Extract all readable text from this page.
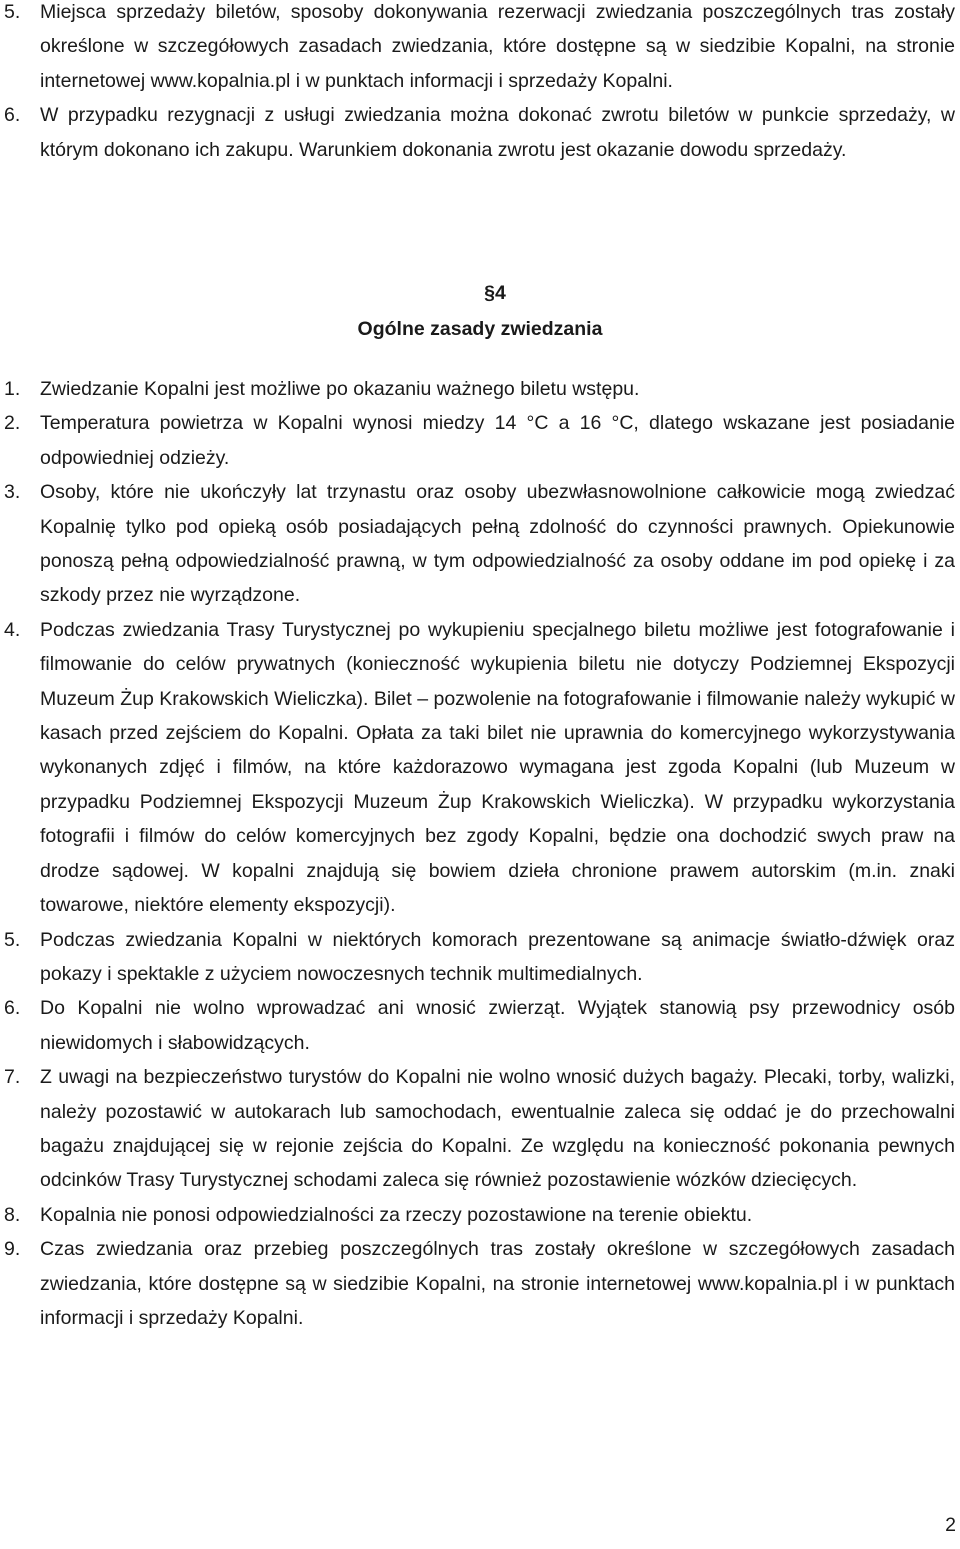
5. Miejsca sprzedaży biletów, sposoby dokonywania rezerwacji zwiedzania poszczególnych tras zostały określone w szczegółowych zasadach zwiedzania, które dostępne są w siedzibie Kopalni, na stronie internetowej www.kopalnia.pl i w punktach informacji i sprzedaży Kopalni.
6. W przypadku rezygnacji z usługi zwiedzania można dokonać zwrotu biletów w punkcie sprzedaży, w którym dokonano ich zakupu. Warunkiem dokonania zwrotu jest okazanie dowodu sprzedaży.
§4
Ogólne zasady zwiedzania
1. Zwiedzanie Kopalni jest możliwe po okazaniu ważnego biletu wstępu.
2. Temperatura powietrza w Kopalni wynosi miedzy 14 °C a 16 °C, dlatego wskazane jest posiadanie odpowiedniej odzieży.
3. Osoby, które nie ukończyły lat trzynastu oraz osoby ubezwłasnowolnione całkowicie mogą zwiedzać Kopalnię tylko pod opieką osób posiadających pełną zdolność do czynności prawnych. Opiekunowie ponoszą pełną odpowiedzialność prawną, w tym odpowiedzialność za osoby oddane im pod opiekę i za szkody przez nie wyrządzone.
4. Podczas zwiedzania Trasy Turystycznej po wykupieniu specjalnego biletu możliwe jest fotografowanie i filmowanie do celów prywatnych (konieczność wykupienia biletu nie dotyczy Podziemnej Ekspozycji Muzeum Żup Krakowskich Wieliczka). Bilet – pozwolenie na fotografowanie i filmowanie należy wykupić w kasach przed zejściem do Kopalni. Opłata za taki bilet nie uprawnia do komercyjnego wykorzystywania wykonanych zdjęć i filmów, na które każdorazowo wymagana jest zgoda Kopalni (lub Muzeum w przypadku Podziemnej Ekspozycji Muzeum Żup Krakowskich Wieliczka). W przypadku wykorzystania fotografii i filmów do celów komercyjnych bez zgody Kopalni, będzie ona dochodzić swych praw na drodze sądowej. W kopalni znajdują się bowiem dzieła chronione prawem autorskim (m.in. znaki towarowe, niektóre elementy ekspozycji).
5. Podczas zwiedzania Kopalni w niektórych komorach prezentowane są animacje światło-dźwięk oraz pokazy i spektakle z użyciem nowoczesnych technik multimedialnych.
6. Do Kopalni nie wolno wprowadzać ani wnosić zwierząt. Wyjątek stanowią psy przewodnicy osób niewidomych i słabowidzących.
7. Z uwagi na bezpieczeństwo turystów do Kopalni nie wolno wnosić dużych bagaży. Plecaki, torby, walizki, należy pozostawić w autokarach lub samochodach, ewentualnie zaleca się oddać je do przechowalni bagażu znajdującej się w rejonie zejścia do Kopalni. Ze względu na konieczność pokonania pewnych odcinków Trasy Turystycznej schodami zaleca się również pozostawienie wózków dziecięcych.
8. Kopalnia nie ponosi odpowiedzialności za rzeczy pozostawione na terenie obiektu.
9. Czas zwiedzania oraz przebieg poszczególnych tras zostały określone w szczegółowych zasadach zwiedzania, które dostępne są w siedzibie Kopalni, na stronie internetowej www.kopalnia.pl i w punktach informacji i sprzedaży Kopalni.
2
